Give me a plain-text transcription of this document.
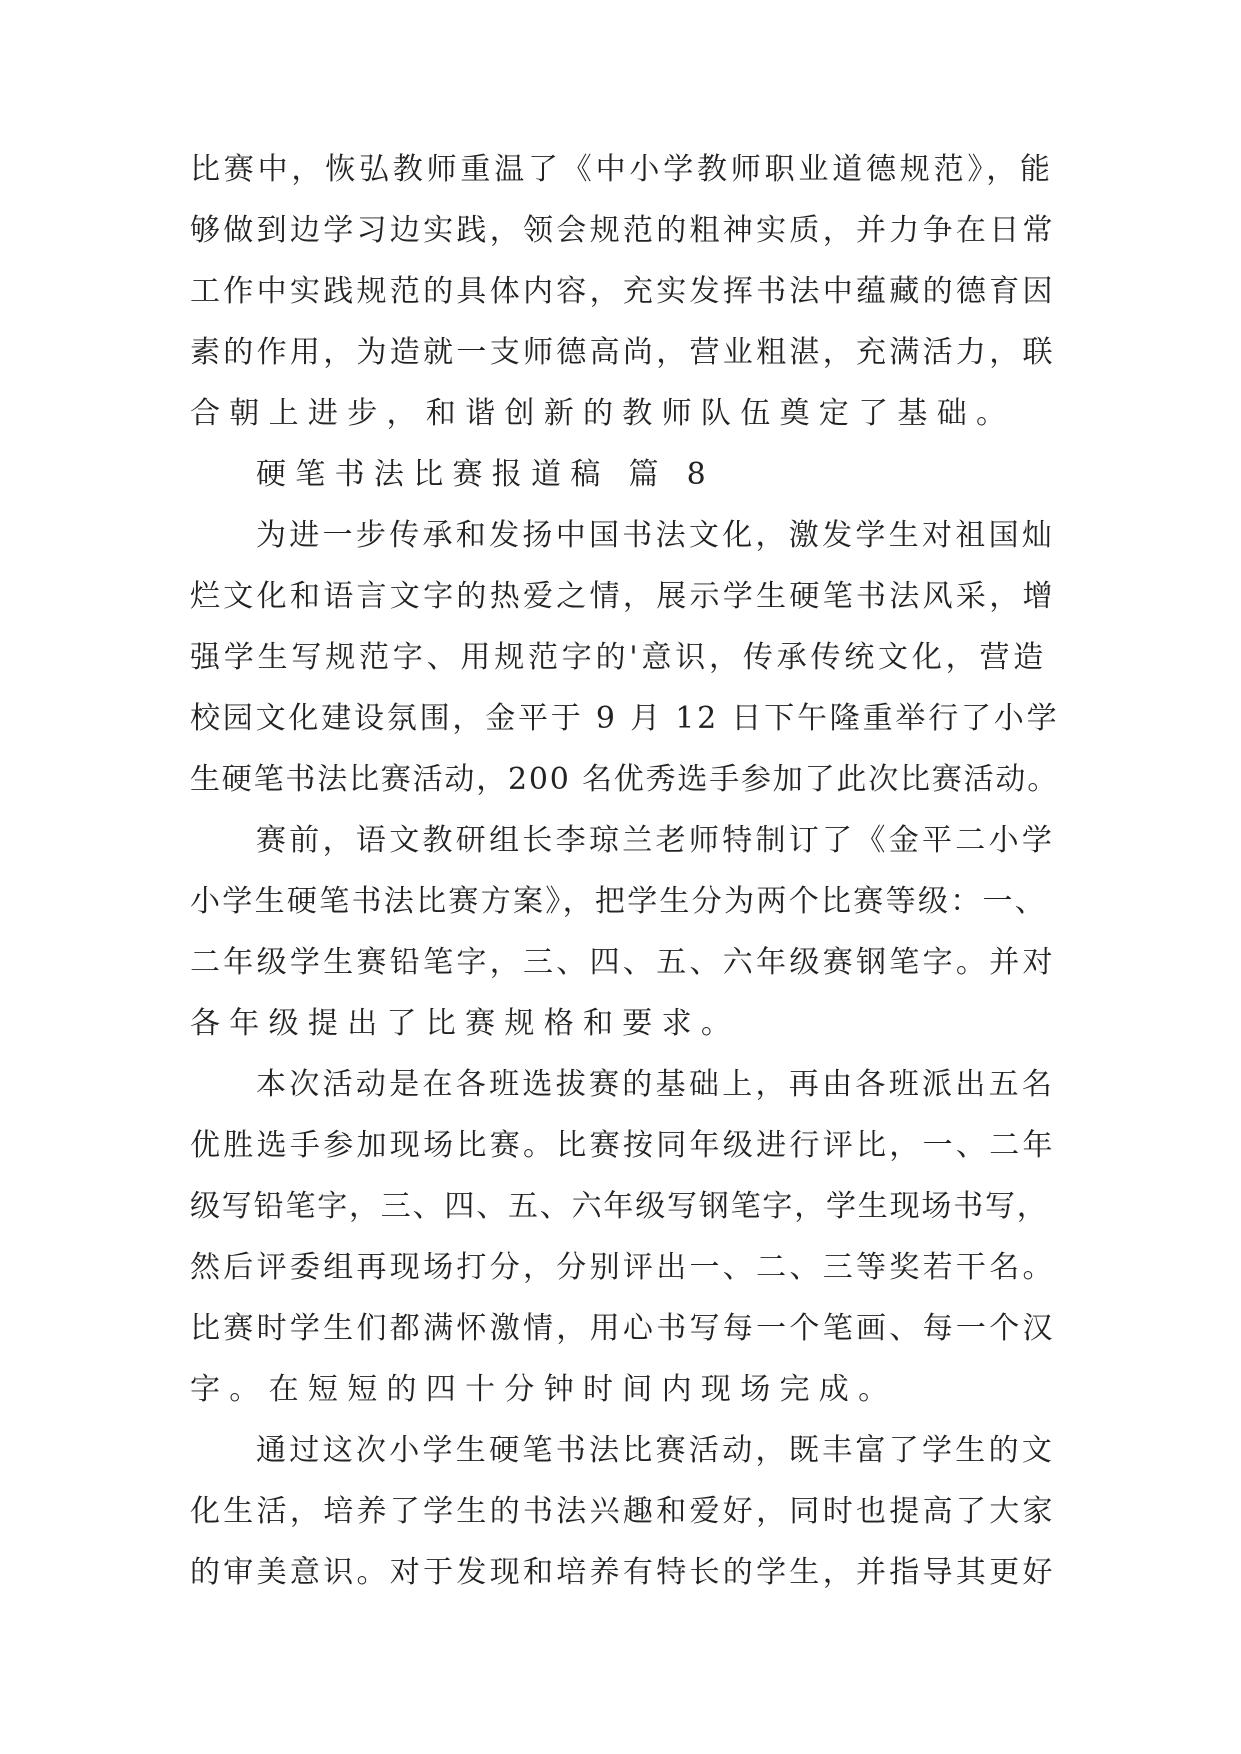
比赛中，恢弘教师重温了《中小学教师职业道德规范》，能
够做到边学习边实践，领会规范的粗神实质，并力争在日常
工作中实践规范的具体内容，充实发挥书法中蕴藏的德育因
素的作用，为造就一支师德高尚，营业粗湛，充满活力，联
合朝上进步，和谐创新的教师队伍奠定了基础。
硬笔书法比赛报道稿 篇 8
为进一步传承和发扬中国书法文化，激发学生对祖国灿
烂文化和语言文字的热爱之情，展示学生硬笔书法风采，增
强学生写规范字、用规范字的'意识，传承传统文化，营造
校园文化建设氛围，金平于 9 月 12 日下午隆重举行了小学
生硬笔书法比赛活动，200 名优秀选手参加了此次比赛活动。
赛前，语文教研组长李琼兰老师特制订了《金平二小学
小学生硬笔书法比赛方案》，把学生分为两个比赛等级：一、
二年级学生赛铅笔字，三、四、五、六年级赛钢笔字。并对
各年级提出了比赛规格和要求。
本次活动是在各班选拔赛的基础上，再由各班派出五名
优胜选手参加现场比赛。比赛按同年级进行评比，一、二年
级写铅笔字，三、四、五、六年级写钢笔字，学生现场书写，
然后评委组再现场打分，分别评出一、二、三等奖若干名。
比赛时学生们都满怀激情，用心书写每一个笔画、每一个汉
字。在短短的四十分钟时间内现场完成。
通过这次小学生硬笔书法比赛活动，既丰富了学生的文
化生活，培养了学生的书法兴趣和爱好，同时也提高了大家
的审美意识。对于发现和培养有特长的学生，并指导其更好
